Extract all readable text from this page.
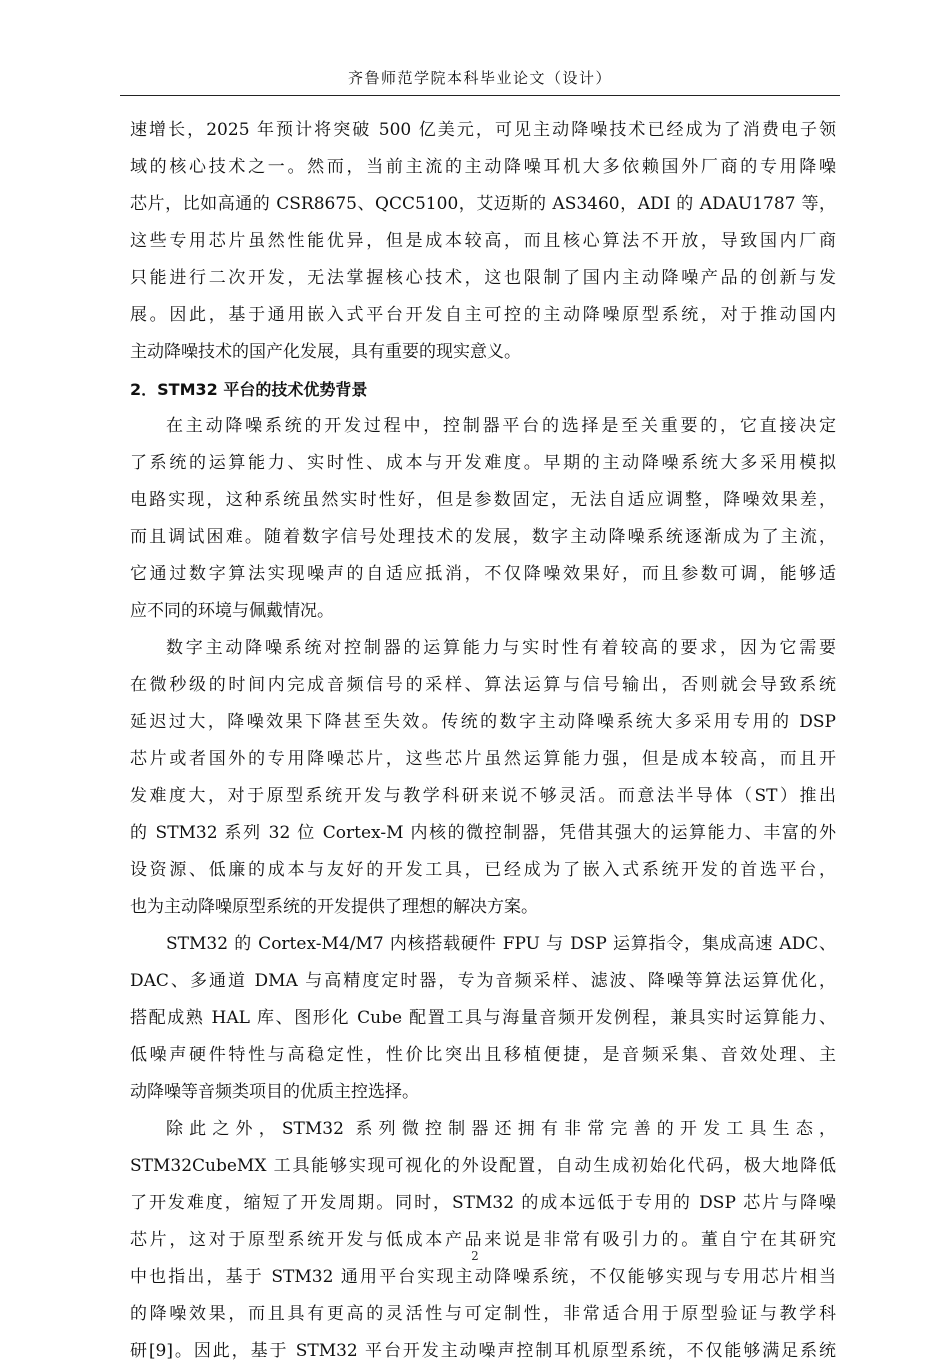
齐鲁师范学院本科毕业论文（设计）
速增长，2025 年预计将突破 500 亿美元，可见主动降噪技术已经成为了消费电子领
域的核心技术之一。然而，当前主流的主动降噪耳机大多依赖国外厂商的专用降噪
芯片，比如高通的 CSR8675、QCC5100，艾迈斯的 AS3460，ADI 的 ADAU1787 等，
这些专用芯片虽然性能优异，但是成本较高，而且核心算法不开放，导致国内厂商
只能进行二次开发，无法掌握核心技术，这也限制了国内主动降噪产品的创新与发
展。因此，基于通用嵌入式平台开发自主可控的主动降噪原型系统，对于推动国内
主动降噪技术的国产化发展，具有重要的现实意义。
2．STM32 平台的技术优势背景
在主动降噪系统的开发过程中，控制器平台的选择是至关重要的，它直接决定
了系统的运算能力、实时性、成本与开发难度。早期的主动降噪系统大多采用模拟
电路实现，这种系统虽然实时性好，但是参数固定，无法自适应调整，降噪效果差，
而且调试困难。随着数字信号处理技术的发展，数字主动降噪系统逐渐成为了主流，
它通过数字算法实现噪声的自适应抵消，不仅降噪效果好，而且参数可调，能够适
应不同的环境与佩戴情况。
数字主动降噪系统对控制器的运算能力与实时性有着较高的要求，因为它需要
在微秒级的时间内完成音频信号的采样、算法运算与信号输出，否则就会导致系统
延迟过大，降噪效果下降甚至失效。传统的数字主动降噪系统大多采用专用的 DSP
芯片或者国外的专用降噪芯片，这些芯片虽然运算能力强，但是成本较高，而且开
发难度大，对于原型系统开发与教学科研来说不够灵活。而意法半导体（ST）推出
的 STM32 系列 32 位 Cortex-M 内核的微控制器，凭借其强大的运算能力、丰富的外
设资源、低廉的成本与友好的开发工具，已经成为了嵌入式系统开发的首选平台，
也为主动降噪原型系统的开发提供了理想的解决方案。
STM32 的 Cortex-M4/M7 内核搭载硬件 FPU 与 DSP 运算指令，集成高速 ADC、
DAC、多通道 DMA 与高精度定时器，专为音频采样、滤波、降噪等算法运算优化，
搭配成熟 HAL 库、图形化 Cube 配置工具与海量音频开发例程，兼具实时运算能力、
低噪声硬件特性与高稳定性，性价比突出且移植便捷，是音频采集、音效处理、主
动降噪等音频类项目的优质主控选择。
除此之外，STM32 系列微控制器还拥有非常完善的开发工具生态，
STM32CubeMX 工具能够实现可视化的外设配置，自动生成初始化代码，极大地降低
了开发难度，缩短了开发周期。同时，STM32 的成本远低于专用的 DSP 芯片与降噪
芯片，这对于原型系统开发与低成本产品来说是非常有吸引力的。董自宁在其研究
中也指出，基于 STM32 通用平台实现主动降噪系统，不仅能够实现与专用芯片相当
的降噪效果，而且具有更高的灵活性与可定制性，非常适合用于原型验证与教学科
研[9]。因此，基于 STM32 平台开发主动噪声控制耳机原型系统，不仅能够满足系统
2
